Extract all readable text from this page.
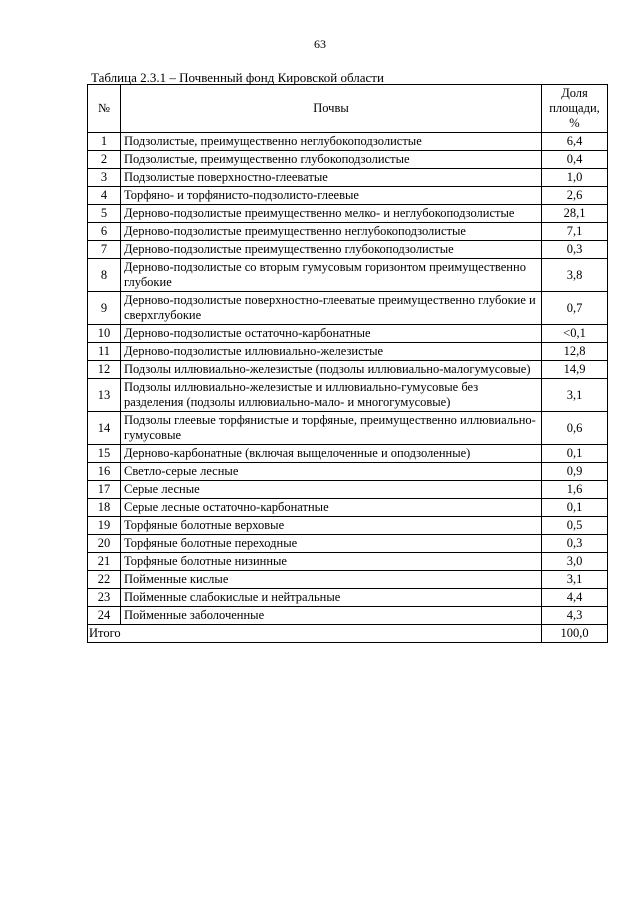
63
Таблица 2.3.1 – Почвенный фонд Кировской области
№	Почвы	Доля площади, %
1	Подзолистые, преимущественно неглубокоподзолистые	6,4
2	Подзолистые, преимущественно глубокоподзолистые	0,4
3	Подзолистые поверхностно-глееватые	1,0
4	Торфяно- и торфянисто-подзолисто-глеевые	2,6
5	Дерново-подзолистые преимущественно мелко- и неглубокоподзолистые	28,1
6	Дерново-подзолистые преимущественно неглубокоподзолистые	7,1
7	Дерново-подзолистые преимущественно глубокоподзолистые	0,3
8	Дерново-подзолистые со вторым гумусовым горизонтом преимущественно глубокие	3,8
9	Дерново-подзолистые поверхностно-глееватые преимущественно глубокие и сверхглубокие	0,7
10	Дерново-подзолистые остаточно-карбонатные	<0,1
11	Дерново-подзолистые иллювиально-железистые	12,8
12	Подзолы иллювиально-железистые (подзолы иллювиально-малогумусовые)	14,9
13	Подзолы иллювиально-железистые и иллювиально-гумусовые без разделения (подзолы иллювиально-мало- и многогумусовые)	3,1
14	Подзолы глеевые торфянистые и торфяные, преимущественно иллювиально-гумусовые	0,6
15	Дерново-карбонатные (включая выщелоченные и оподзоленные)	0,1
16	Светло-серые лесные	0,9
17	Серые лесные	1,6
18	Серые лесные остаточно-карбонатные	0,1
19	Торфяные болотные верховые	0,5
20	Торфяные болотные переходные	0,3
21	Торфяные болотные низинные	3,0
22	Пойменные кислые	3,1
23	Пойменные слабокислые и нейтральные	4,4
24	Пойменные заболоченные	4,3
Итого		100,0
